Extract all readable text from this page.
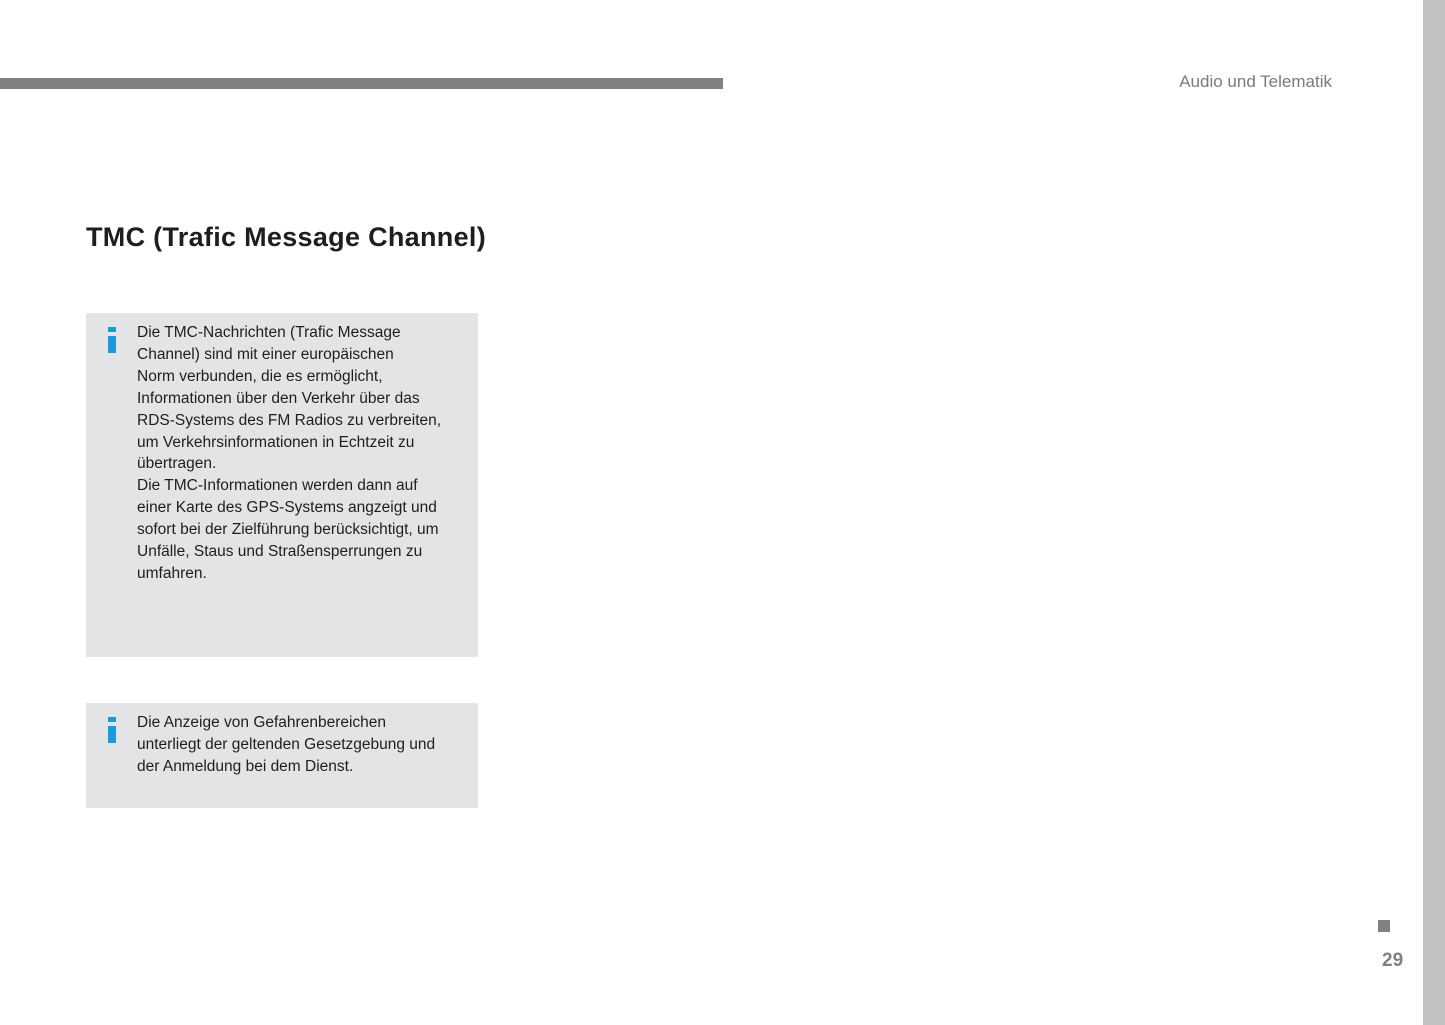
Audio und Telematik
TMC (Trafic Message Channel)

Die TMC-Nachrichten (Trafic Message
Channel) sind mit einer europäischen
Norm verbunden, die es ermöglicht,
Informationen über den Verkehr über das
RDS-Systems des FM Radios zu verbreiten,
um Verkehrsinformationen in Echtzeit zu
übertragen.
Die TMC-Informationen werden dann auf
einer Karte des GPS-Systems angzeigt und
sofort bei der Zielführung berücksichtigt, um
Unfälle, Staus und Straßensperrungen zu
umfahren.

Die Anzeige von Gefahrenbereichen
unterliegt der geltenden Gesetzgebung und
der Anmeldung bei dem Dienst.

29
